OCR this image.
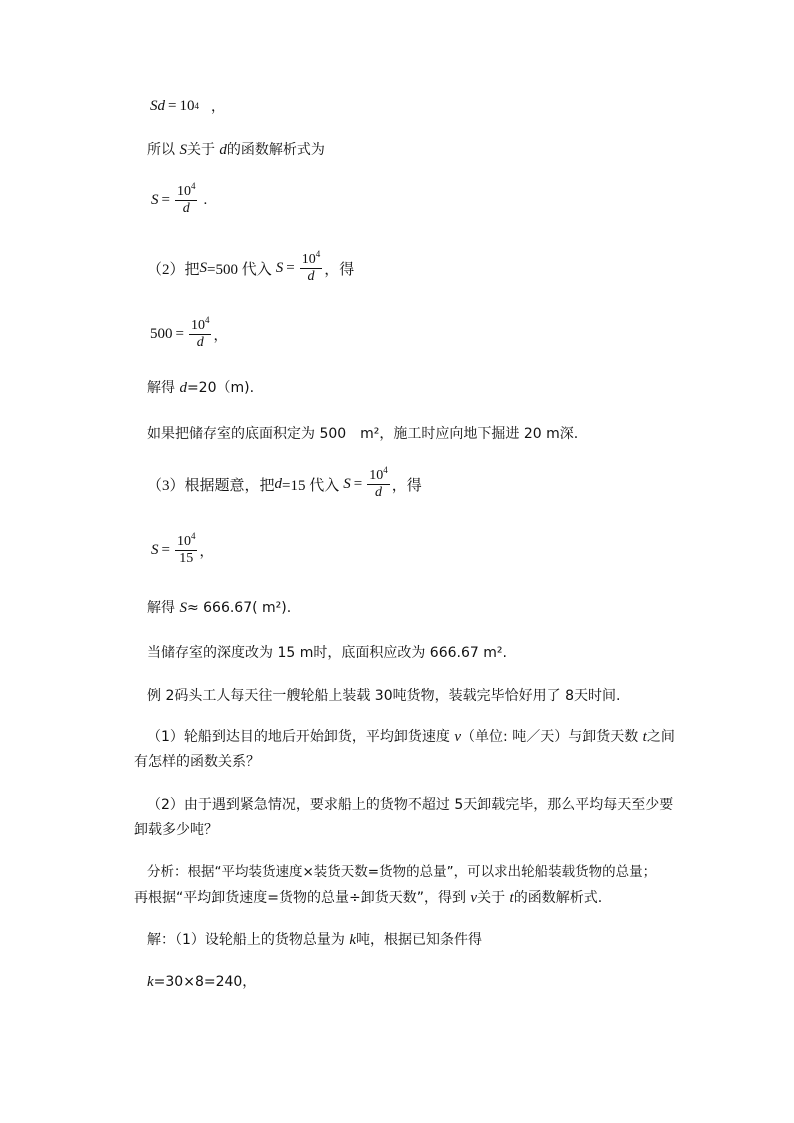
Sd = 10 4 ，
所以 S关于 d的函数解析式为
$S = \frac{10^4}{d}$ .
（2）把 S =500 代入 $S = \frac{10^4}{d}$ ，得
$500 = \frac{10^4}{d}$ ，
解得 d=20（m).
如果把储存室的底面积定为 500　m²，施工时应向地下掘进 20 m深.
（3）根据题意，把 d =15 代入 $S = \frac{10^4}{d}$ ，得
$S = \frac{10^4}{15}$ ，
解得 S≈ 666.67( m²).
当储存室的深度改为 15 m时，底面积应改为 666.67 m².
例 2码头工人每天往一艘轮船上装载 30吨货物，装载完毕恰好用了 8天时间.
（1）轮船到达目的地后开始卸货，平均卸货速度 v（单位: 吨／天）与卸货天数 t之间
有怎样的函数关系？
（2）由于遇到紧急情况，要求船上的货物不超过 5天卸载完毕，那么平均每天至少要
卸载多少吨？
分析：根据“平均装货速度×装货天数=货物的总量”，可以求出轮船装载货物的总量；
再根据“平均卸货速度=货物的总量÷卸货天数”，得到 v关于 t的函数解析式.
解：（1）设轮船上的货物总量为 k吨，根据已知条件得
k=30×8=240，
